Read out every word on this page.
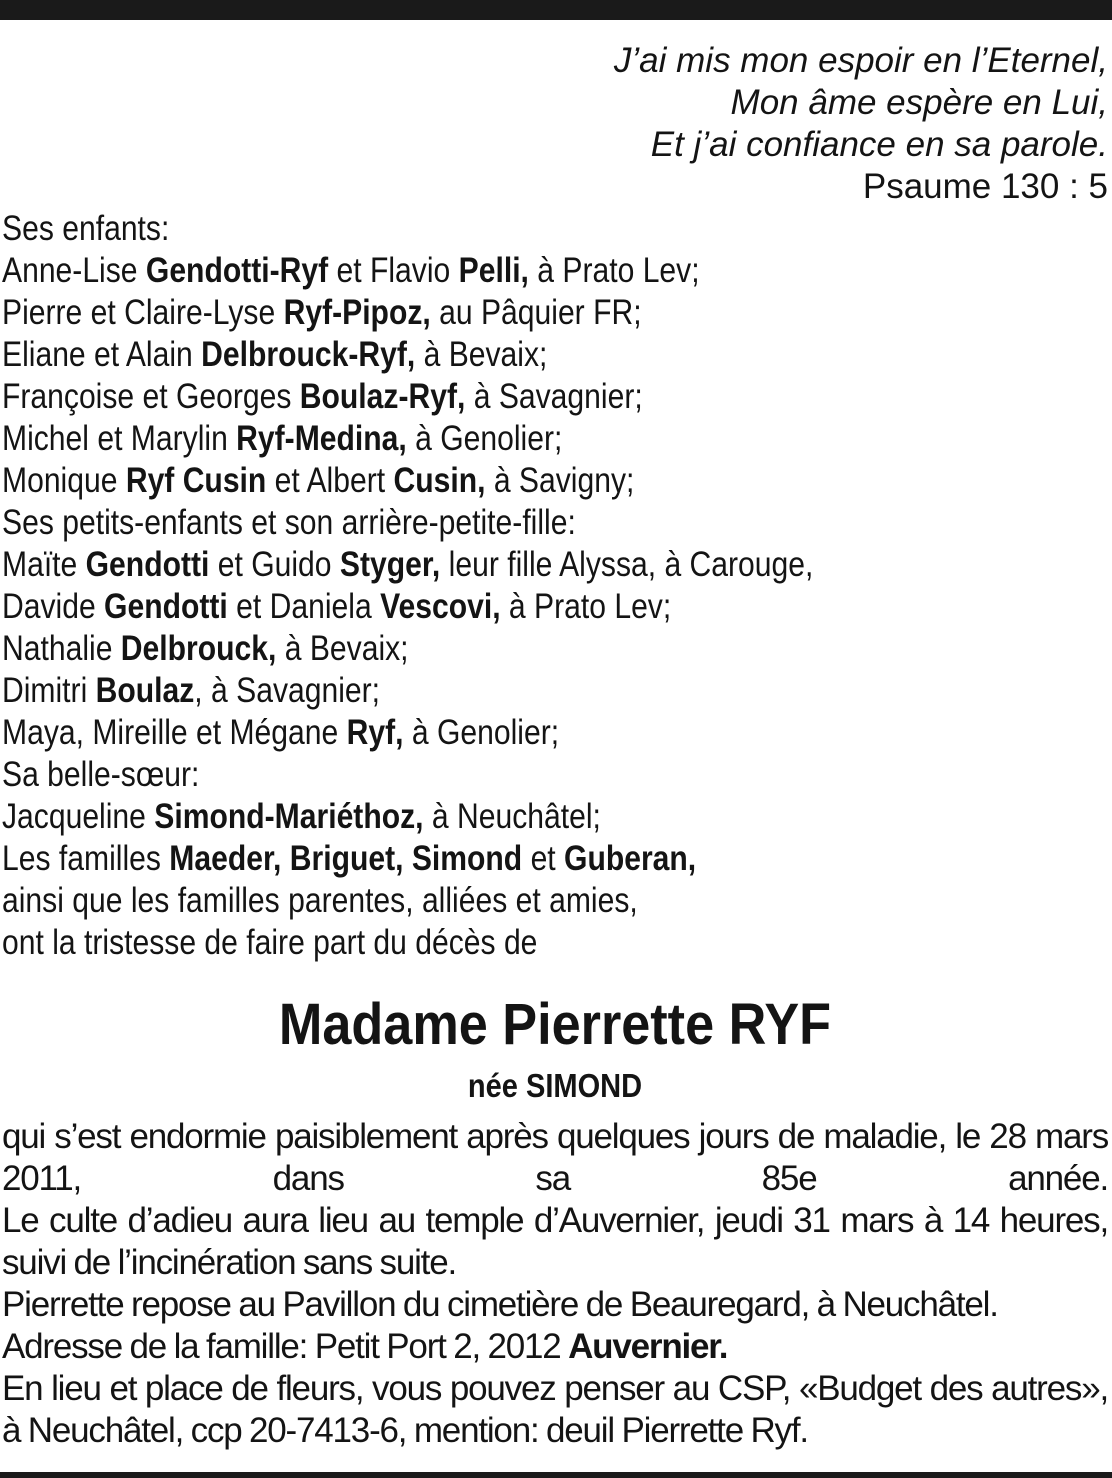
J’ai mis mon espoir en l’Eternel,
Mon âme espère en Lui,
Et j’ai confiance en sa parole.
Psaume 130 : 5
Ses enfants:
Anne-Lise Gendotti-Ryf et Flavio Pelli, à Prato Lev;
Pierre et Claire-Lyse Ryf-Pipoz, au Pâquier FR;
Eliane et Alain Delbrouck-Ryf, à Bevaix;
Françoise et Georges Boulaz-Ryf, à Savagnier;
Michel et Marylin Ryf-Medina, à Genolier;
Monique Ryf Cusin et Albert Cusin, à Savigny;
Ses petits-enfants et son arrière-petite-fille:
Maïte Gendotti et Guido Styger, leur fille Alyssa, à Carouge,
Davide Gendotti et Daniela Vescovi, à Prato Lev;
Nathalie Delbrouck, à Bevaix;
Dimitri Boulaz, à Savagnier;
Maya, Mireille et Mégane Ryf, à Genolier;
Sa belle-sœur:
Jacqueline Simond-Mariéthoz, à Neuchâtel;
Les familles Maeder, Briguet, Simond et Guberan,
ainsi que les familles parentes, alliées et amies,
ont la tristesse de faire part du décès de
Madame Pierrette RYF
née SIMOND
qui s’est endormie paisiblement après quelques jours de maladie, le 28 mars 2011, dans sa 85e année.
Le culte d’adieu aura lieu au temple d’Auvernier, jeudi 31 mars à 14 heures, suivi de l’incinération sans suite.
Pierrette repose au Pavillon du cimetière de Beauregard, à Neuchâtel.
Adresse de la famille: Petit Port 2, 2012 Auvernier.
En lieu et place de fleurs, vous pouvez penser au CSP, «Budget des autres», à Neuchâtel, ccp 20-7413-6, mention: deuil Pierrette Ryf.
